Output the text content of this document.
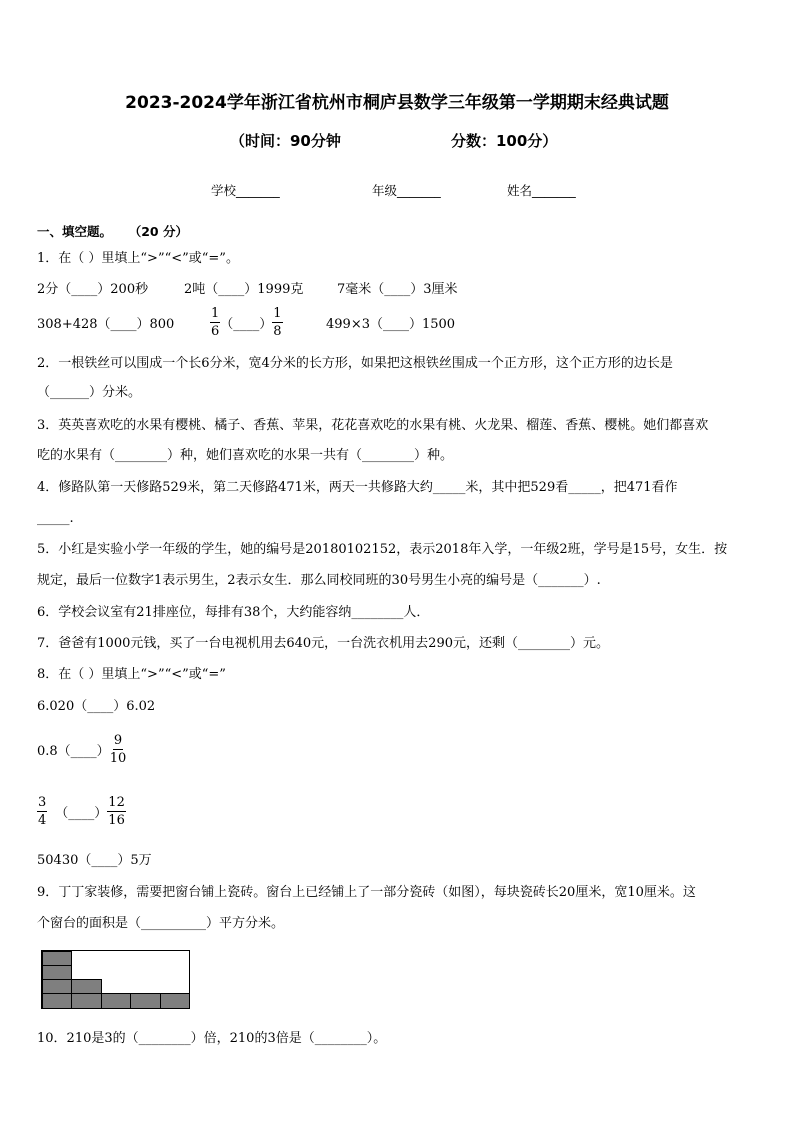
2023-2024学年浙江省杭州市桐庐县数学三年级第一学期期末经典试题
（时间：90分钟	分数：100分）
学校_______	年级_______	姓名_______
一、填空题。 （20 分）
1．在（ ）里填上“>”“<”或“=”。
2分（____）200秒	2吨（____）1999克	7毫米（____）3厘米
308+428（____）800	$\frac{1}{6}$ （____） $\frac{1}{8}$	499×3（____）1500
2．一根铁丝可以围成一个长6分米，宽4分米的长方形，如果把这根铁丝围成一个正方形，这个正方形的边长是
（______）分米。
3．英英喜欢吃的水果有樱桃、橘子、香蕉、苹果，花花喜欢吃的水果有桃、火龙果、榴莲、香蕉、樱桃。她们都喜欢
吃的水果有（________）种，她们喜欢吃的水果一共有（________）种。
4．修路队第一天修路529米，第二天修路471米，两天一共修路大约_____米，其中把529看_____，把471看作
_____.
5．小红是实验小学一年级的学生，她的编号是20180102152，表示2018年入学，一年级2班，学号是15号，女生．按
规定，最后一位数字1表示男生，2表示女生．那么同校同班的30号男生小亮的编号是（_______）.
6．学校会议室有21排座位，每排有38个，大约能容纳________人．
7．爸爸有1000元钱，买了一台电视机用去640元，一台洗衣机用去290元，还剩（________）元。
8．在（ ）里填上“>”“<”或“=”
6.020（____）6.02
0.8（____） $\frac{9}{10}$
$\frac{3}{4}$ （____） $\frac{12}{16}$
50430（____）5万
9．丁丁家装修，需要把窗台铺上瓷砖。窗台上已经铺上了一部分瓷砖（如图），每块瓷砖长20厘米，宽10厘米。这
个窗台的面积是（__________）平方分米。
10．210是3的（________）倍，210的3倍是（________）。
